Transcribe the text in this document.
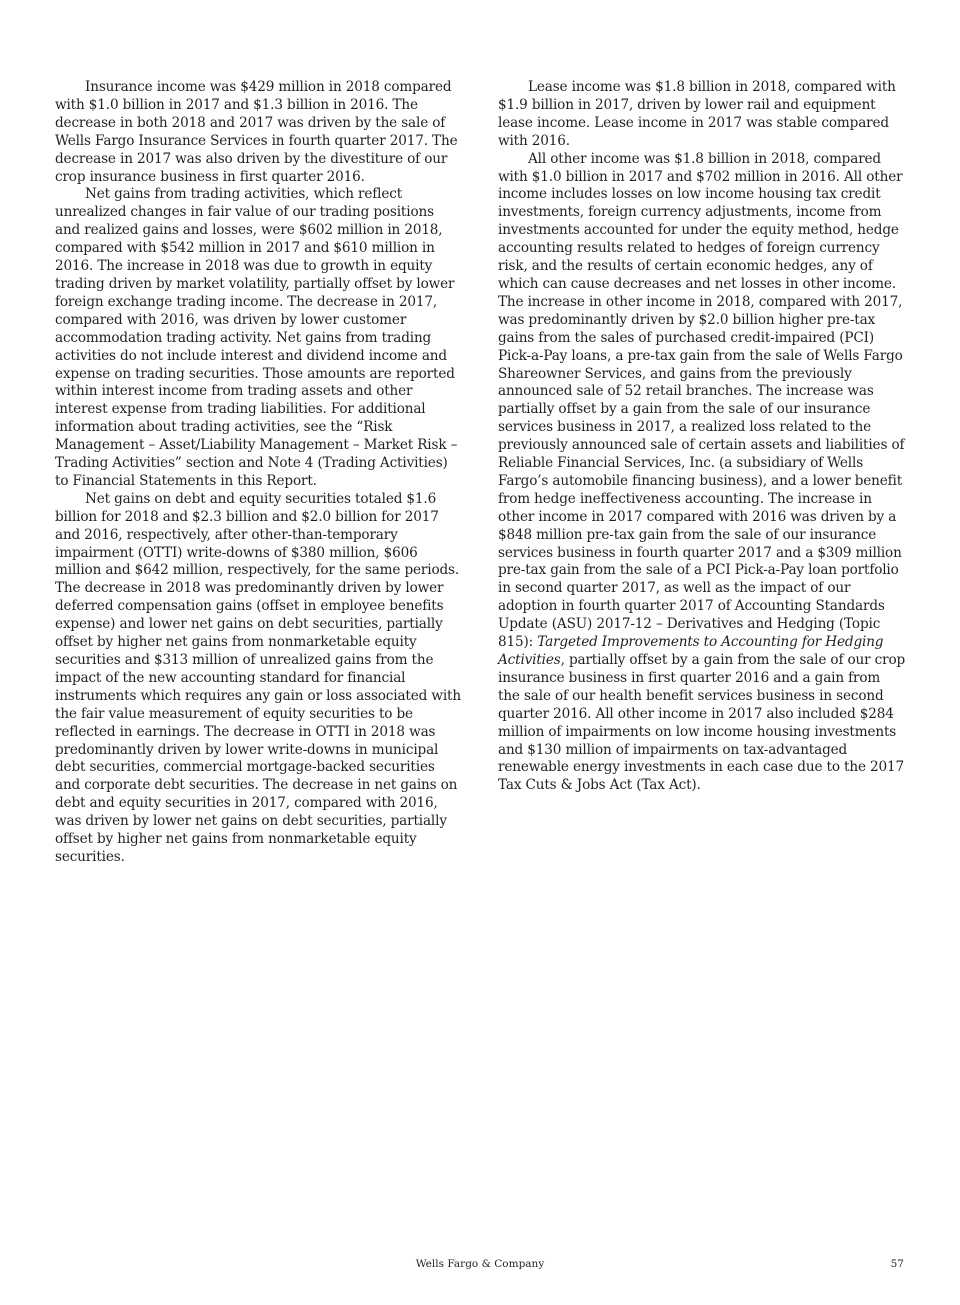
Insurance income was $429 million in 2018 compared with $1.0 billion in 2017 and $1.3 billion in 2016. The decrease in both 2018 and 2017 was driven by the sale of Wells Fargo Insurance Services in fourth quarter 2017. The decrease in 2017 was also driven by the divestiture of our crop insurance business in first quarter 2016.

Net gains from trading activities, which reflect unrealized changes in fair value of our trading positions and realized gains and losses, were $602 million in 2018, compared with $542 million in 2017 and $610 million in 2016. The increase in 2018 was due to growth in equity trading driven by market volatility, partially offset by lower foreign exchange trading income. The decrease in 2017, compared with 2016, was driven by lower customer accommodation trading activity. Net gains from trading activities do not include interest and dividend income and expense on trading securities. Those amounts are reported within interest income from trading assets and other interest expense from trading liabilities. For additional information about trading activities, see the “Risk Management – Asset/Liability Management – Market Risk – Trading Activities” section and Note 4 (Trading Activities) to Financial Statements in this Report.

Net gains on debt and equity securities totaled $1.6 billion for 2018 and $2.3 billion and $2.0 billion for 2017 and 2016, respectively, after other-than-temporary impairment (OTTI) write-downs of $380 million, $606 million and $642 million, respectively, for the same periods. The decrease in 2018 was predominantly driven by lower deferred compensation gains (offset in employee benefits expense) and lower net gains on debt securities, partially offset by higher net gains from nonmarketable equity securities and $313 million of unrealized gains from the impact of the new accounting standard for financial instruments which requires any gain or loss associated with the fair value measurement of equity securities to be reflected in earnings. The decrease in OTTI in 2018 was predominantly driven by lower write-downs in municipal debt securities, commercial mortgage-backed securities and corporate debt securities. The decrease in net gains on debt and equity securities in 2017, compared with 2016, was driven by lower net gains on debt securities, partially offset by higher net gains from nonmarketable equity securities.

Lease income was $1.8 billion in 2018, compared with $1.9 billion in 2017, driven by lower rail and equipment lease income. Lease income in 2017 was stable compared with 2016.

All other income was $1.8 billion in 2018, compared with $1.0 billion in 2017 and $702 million in 2016. All other income includes losses on low income housing tax credit investments, foreign currency adjustments, income from investments accounted for under the equity method, hedge accounting results related to hedges of foreign currency risk, and the results of certain economic hedges, any of which can cause decreases and net losses in other income. The increase in other income in 2018, compared with 2017, was predominantly driven by $2.0 billion higher pre-tax gains from the sales of purchased credit-impaired (PCI) Pick-a-Pay loans, a pre-tax gain from the sale of Wells Fargo Shareowner Services, and gains from the previously announced sale of 52 retail branches. The increase was partially offset by a gain from the sale of our insurance services business in 2017, a realized loss related to the previously announced sale of certain assets and liabilities of Reliable Financial Services, Inc. (a subsidiary of Wells Fargo’s automobile financing business), and a lower benefit from hedge ineffectiveness accounting. The increase in other income in 2017 compared with 2016 was driven by a $848 million pre-tax gain from the sale of our insurance services business in fourth quarter 2017 and a $309 million pre-tax gain from the sale of a PCI Pick-a-Pay loan portfolio in second quarter 2017, as well as the impact of our adoption in fourth quarter 2017 of Accounting Standards Update (ASU) 2017-12 – Derivatives and Hedging (Topic 815): Targeted Improvements to Accounting for Hedging Activities, partially offset by a gain from the sale of our crop insurance business in first quarter 2016 and a gain from the sale of our health benefit services business in second quarter 2016. All other income in 2017 also included $284 million of impairments on low income housing investments and $130 million of impairments on tax-advantaged renewable energy investments in each case due to the 2017 Tax Cuts & Jobs Act (Tax Act).

Wells Fargo & Company	57
